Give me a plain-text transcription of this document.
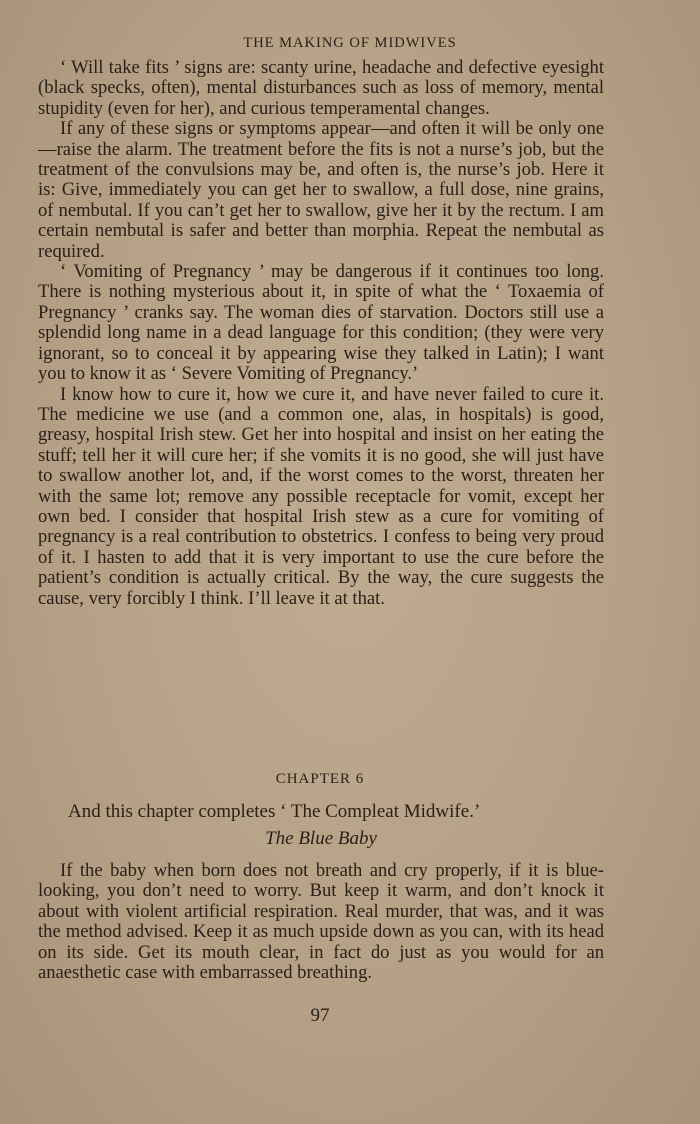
THE MAKING OF MIDWIVES

‘ Will take fits ’ signs are: scanty urine, headache and defective eyesight (black specks, often), mental disturbances such as loss of memory, mental stupidity (even for her), and curious temperamental changes.

If any of these signs or symptoms appear—and often it will be only one—raise the alarm. The treatment before the fits is not a nurse’s job, but the treatment of the convulsions may be, and often is, the nurse’s job. Here it is: Give, immediately you can get her to swallow, a full dose, nine grains, of nembutal. If you can’t get her to swallow, give her it by the rectum. I am certain nembutal is safer and better than morphia. Repeat the nembutal as required.

‘ Vomiting of Pregnancy ’ may be dangerous if it continues too long. There is nothing mysterious about it, in spite of what the ‘ Toxaemia of Pregnancy ’ cranks say. The woman dies of starvation. Doctors still use a splendid long name in a dead language for this condition; (they were very ignorant, so to conceal it by appearing wise they talked in Latin); I want you to know it as ‘ Severe Vomiting of Pregnancy.’

I know how to cure it, how we cure it, and have never failed to cure it. The medicine we use (and a common one, alas, in hospitals) is good, greasy, hospital Irish stew. Get her into hospital and insist on her eating the stuff; tell her it will cure her; if she vomits it is no good, she will just have to swallow another lot, and, if the worst comes to the worst, threaten her with the same lot; remove any possible receptacle for vomit, except her own bed. I consider that hospital Irish stew as a cure for vomiting of pregnancy is a real contribution to obstetrics. I confess to being very proud of it. I hasten to add that it is very important to use the cure before the patient’s condition is actually critical. By the way, the cure suggests the cause, very forcibly I think. I’ll leave it at that.

CHAPTER 6
And this chapter completes ‘ The Compleat Midwife.’
The Blue Baby

If the baby when born does not breath and cry properly, if it is blue-looking, you don’t need to worry. But keep it warm, and don’t knock it about with violent artificial respiration. Real murder, that was, and it was the method advised. Keep it as much upside down as you can, with its head on its side. Get its mouth clear, in fact do just as you would for an anaesthetic case with embarrassed breathing.

97
